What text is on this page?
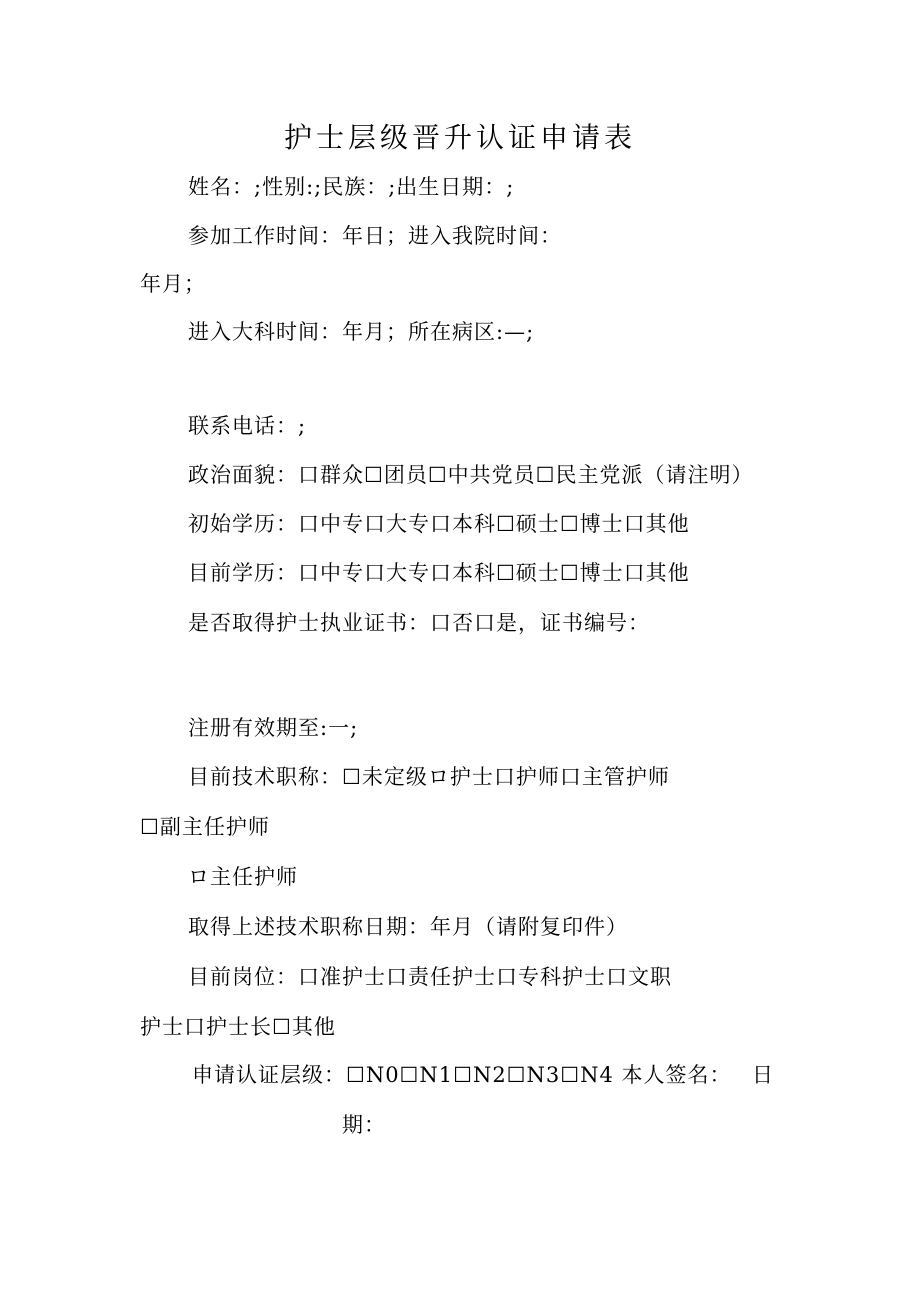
护士层级晋升认证申请表
姓名：;性别:;民族：;出生日期：;
参加工作时间：年日；进入我院时间：
年月；
进入大科时间：年月；所在病区:—;
联系电话：;
政治面貌：口群众☐团员☐中共党员☐民主党派（请注明）
初始学历：口中专口大专口本科☐硕士☐博士口其他
目前学历：口中专口大专口本科☐硕士☐博士口其他
是否取得护士执业证书：口否口是，证书编号：
注册有效期至:一;
目前技术职称：☐未定级ロ护士口护师口主管护师
☐副主任护师
ロ主任护师
取得上述技术职称日期：年月（请附复印件）
目前岗位：口准护士口责任护士口专科护士口文职
护士口护士长☐其他
申请认证层级：☐N0☐N1☐N2☐N3☐N4 本人签名： 日
期：
